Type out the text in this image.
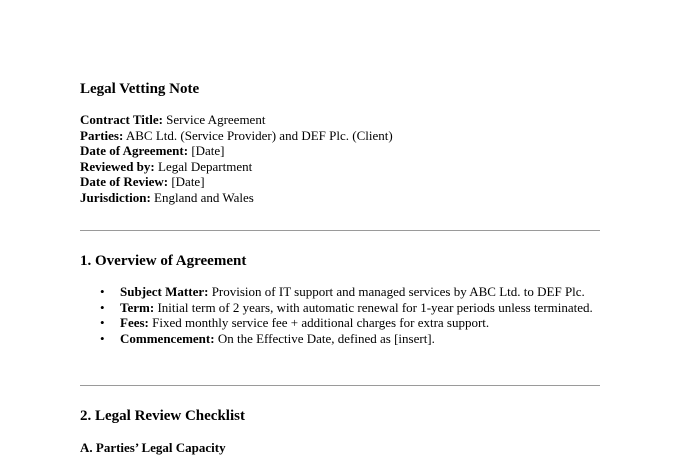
Legal Vetting Note
Contract Title: Service Agreement
Parties: ABC Ltd. (Service Provider) and DEF Plc. (Client)
Date of Agreement: [Date]
Reviewed by: Legal Department
Date of Review: [Date]
Jurisdiction: England and Wales
1. Overview of Agreement
• Subject Matter: Provision of IT support and managed services by ABC Ltd. to DEF Plc.
• Term: Initial term of 2 years, with automatic renewal for 1-year periods unless terminated.
• Fees: Fixed monthly service fee + additional charges for extra support.
• Commencement: On the Effective Date, defined as [insert].
2. Legal Review Checklist
A. Parties’ Legal Capacity
